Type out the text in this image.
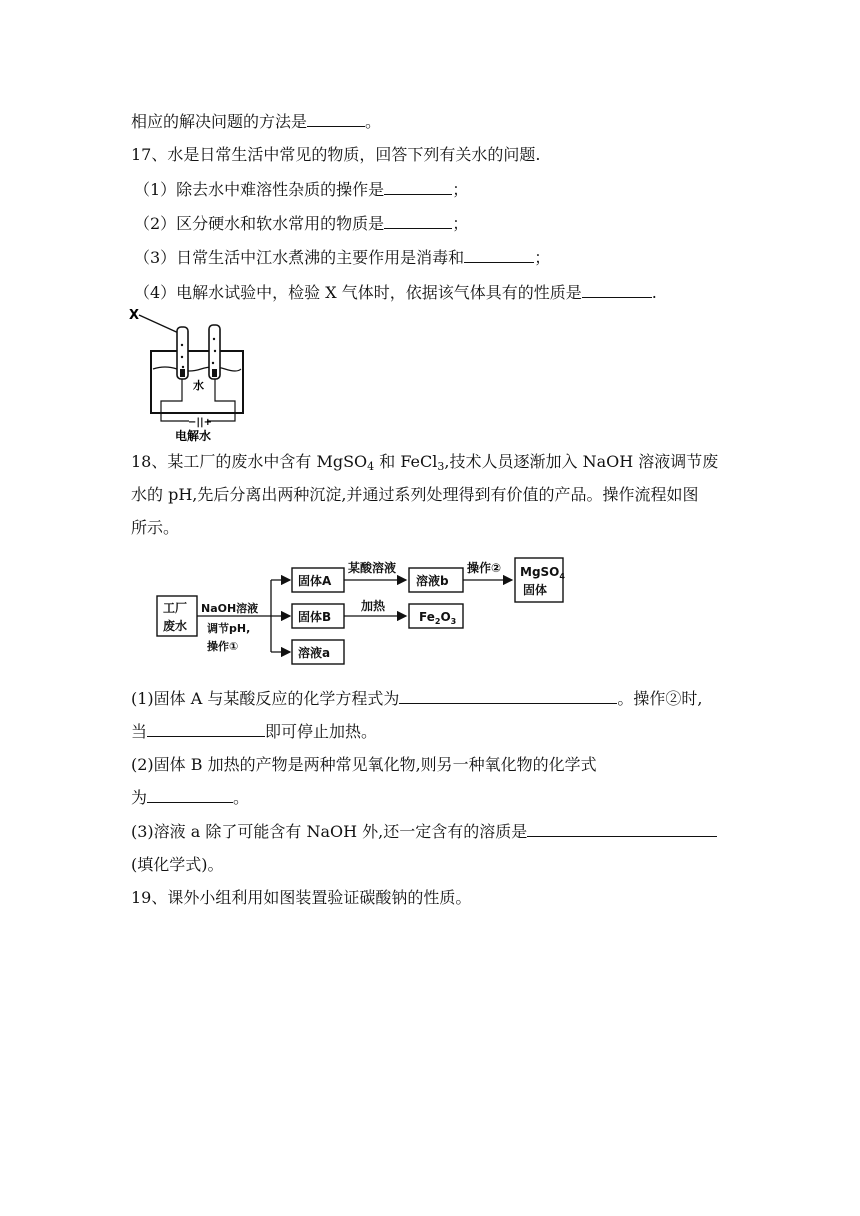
相应的解决问题的方法是	。
17、水是日常生活中常见的物质，回答下列有关水的问题.
（1）除去水中难溶性杂质的操作是	；
（2）区分硬水和软水常用的物质是	；
（3）日常生活中江水煮沸的主要作用是消毒和	；
（4）电解水试验中，检验 X 气体时，依据该气体具有的性质是	.
X
水
−||+
电解水
18、某工厂的废水中含有 MgSO$_4$ 和 FeCl$_3$,技术人员逐渐加入 NaOH 溶液调节废
水的 pH,先后分离出两种沉淀,并通过系列处理得到有价值的产品。操作流程如图
所示。
工厂
废水
NaOH溶液
调节pH,
操作①
固体A
固体B
溶液a
某酸溶液
加热
溶液b
$Fe_2O_3$
操作② MgSO$_4$
固体
(1)固体 A 与某酸反应的化学方程式为	。操作②时,
当	即可停止加热。
(2)固体 B 加热的产物是两种常见氧化物,则另一种氧化物的化学式
为	。
(3)溶液 a 除了可能含有 NaOH 外,还一定含有的溶质是
(填化学式)。
19、课外小组利用如图装置验证碳酸钠的性质。
